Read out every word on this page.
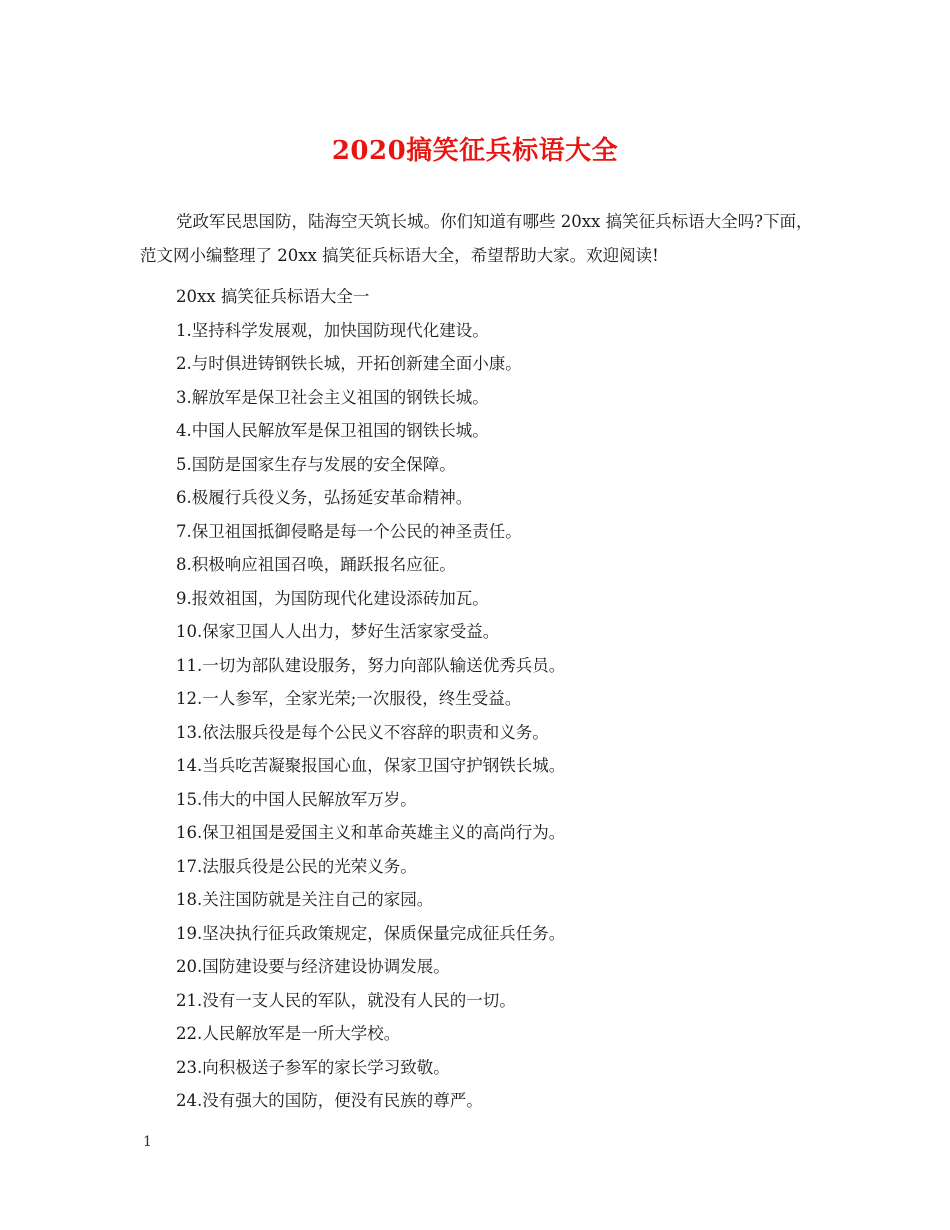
2020搞笑征兵标语大全

党政军民思国防，陆海空天筑长城。你们知道有哪些 20xx 搞笑征兵标语大全吗?下面，范文网小编整理了 20xx 搞笑征兵标语大全，希望帮助大家。欢迎阅读!

20xx 搞笑征兵标语大全一
1.坚持科学发展观，加快国防现代化建设。
2.与时俱进铸钢铁长城，开拓创新建全面小康。
3.解放军是保卫社会主义祖国的钢铁长城。
4.中国人民解放军是保卫祖国的钢铁长城。
5.国防是国家生存与发展的安全保障。
6.极履行兵役义务，弘扬延安革命精神。
7.保卫祖国抵御侵略是每一个公民的神圣责任。
8.积极响应祖国召唤，踊跃报名应征。
9.报效祖国，为国防现代化建设添砖加瓦。
10.保家卫国人人出力，梦好生活家家受益。
11.一切为部队建设服务，努力向部队输送优秀兵员。
12.一人参军，全家光荣;一次服役，终生受益。
13.依法服兵役是每个公民义不容辞的职责和义务。
14.当兵吃苦凝聚报国心血，保家卫国守护钢铁长城。
15.伟大的中国人民解放军万岁。
16.保卫祖国是爱国主义和革命英雄主义的高尚行为。
17.法服兵役是公民的光荣义务。
18.关注国防就是关注自己的家园。
19.坚决执行征兵政策规定，保质保量完成征兵任务。
20.国防建设要与经济建设协调发展。
21.没有一支人民的军队，就没有人民的一切。
22.人民解放军是一所大学校。
23.向积极送子参军的家长学习致敬。
24.没有强大的国防，便没有民族的尊严。
1
